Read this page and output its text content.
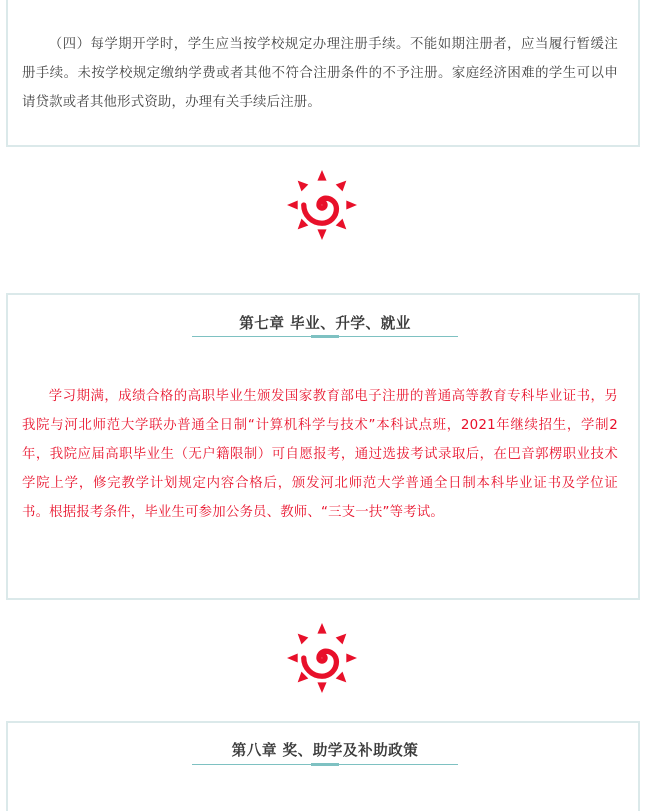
（四）每学期开学时，学生应当按学校规定办理注册手续。不能如期注册者，应当履行暂缓注册手续。未按学校规定缴纳学费或者其他不符合注册条件的不予注册。家庭经济困难的学生可以申请贷款或者其他形式资助，办理有关手续后注册。

第七章 毕业、升学、就业

学习期满，成绩合格的高职毕业生颁发国家教育部电子注册的普通高等教育专科毕业证书，另我院与河北师范大学联办普通全日制“计算机科学与技术”本科试点班，2021年继续招生，学制2年，我院应届高职毕业生（无户籍限制）可自愿报考，通过选拔考试录取后，在巴音郭楞职业技术学院上学，修完教学计划规定内容合格后，颁发河北师范大学普通全日制本科毕业证书及学位证书。根据报考条件，毕业生可参加公务员、教师、“三支一扶”等考试。

第八章 奖、助学及补助政策
